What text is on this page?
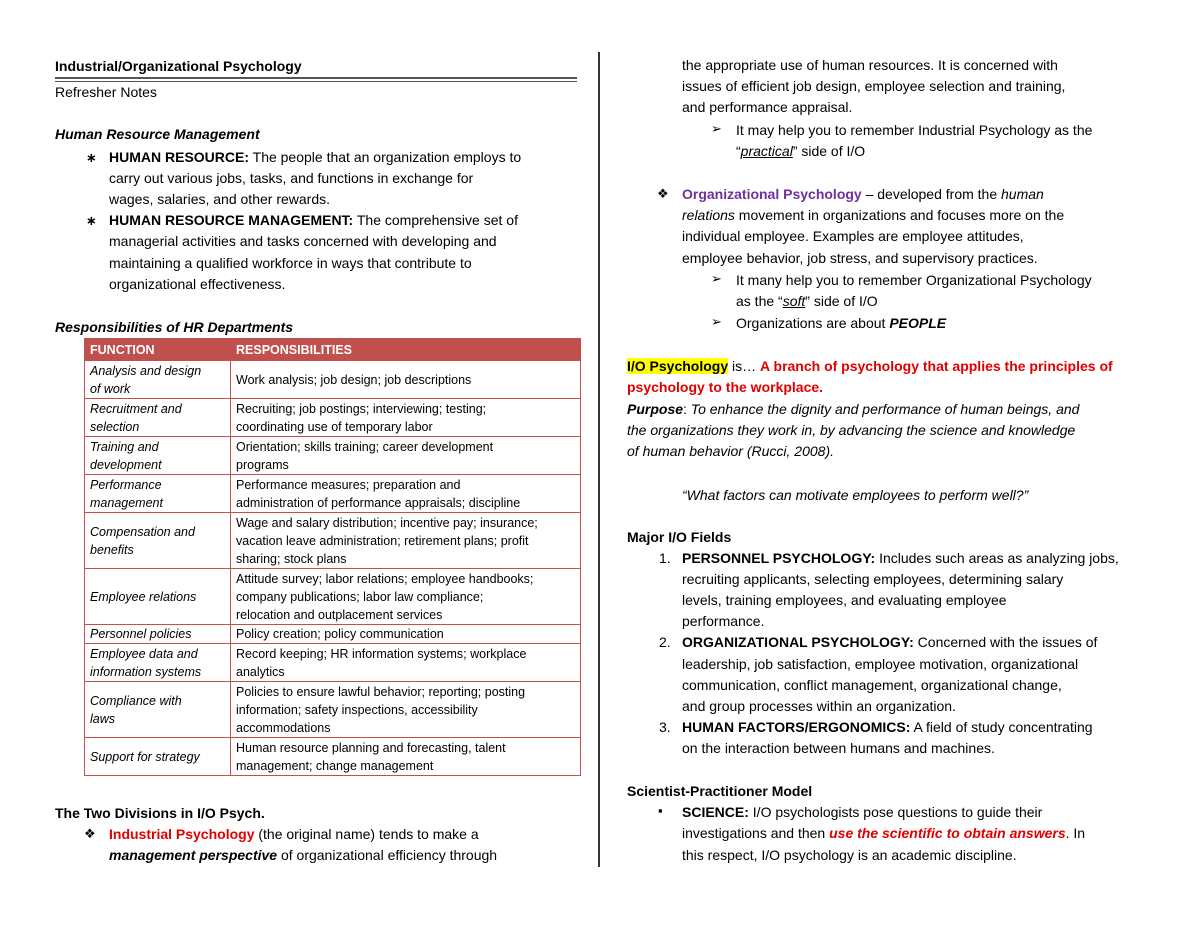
Industrial/Organizational Psychology
Refresher Notes
Human Resource Management
∗ HUMAN RESOURCE: The people that an organization employs to
carry out various jobs, tasks, and functions in exchange for
wages, salaries, and other rewards.
∗ HUMAN RESOURCE MANAGEMENT: The comprehensive set of
managerial activities and tasks concerned with developing and
maintaining a qualified workforce in ways that contribute to
organizational effectiveness.
Responsibilities of HR Departments
FUNCTION	RESPONSIBILITIES
Analysis and design
of work	Work analysis; job design; job descriptions
Recruitment and
selection	Recruiting; job postings; interviewing; testing;
coordinating use of temporary labor
Training and
development	Orientation; skills training; career development
programs
Performance
management	Performance measures; preparation and
administration of performance appraisals; discipline
Compensation and
benefits	Wage and salary distribution; incentive pay; insurance;
vacation leave administration; retirement plans; profit
sharing; stock plans
Employee relations	Attitude survey; labor relations; employee handbooks;
company publications; labor law compliance;
relocation and outplacement services
Personnel policies	Policy creation; policy communication
Employee data and
information systems	Record keeping; HR information systems; workplace
analytics
Compliance with
laws	Policies to ensure lawful behavior; reporting; posting
information; safety inspections, accessibility
accommodations
Support for strategy	Human resource planning and forecasting, talent
management; change management
The Two Divisions in I/O Psych.
❖ Industrial Psychology (the original name) tends to make a
management perspective of organizational efficiency through
the appropriate use of human resources. It is concerned with
issues of efficient job design, employee selection and training,
and performance appraisal.
➢ It may help you to remember Industrial Psychology as the
“practical” side of I/O
❖ Organizational Psychology – developed from the human
relations movement in organizations and focuses more on the
individual employee. Examples are employee attitudes,
employee behavior, job stress, and supervisory practices.
➢ It many help you to remember Organizational Psychology
as the “soft” side of I/O
➢ Organizations are about PEOPLE
I/O Psychology is… A branch of psychology that applies the principles of
psychology to the workplace.
Purpose: To enhance the dignity and performance of human beings, and
the organizations they work in, by advancing the science and knowledge
of human behavior (Rucci, 2008).
“What factors can motivate employees to perform well?”
Major I/O Fields
1. PERSONNEL PSYCHOLOGY: Includes such areas as analyzing jobs,
recruiting applicants, selecting employees, determining salary
levels, training employees, and evaluating employee
performance.
2. ORGANIZATIONAL PSYCHOLOGY: Concerned with the issues of
leadership, job satisfaction, employee motivation, organizational
communication, conflict management, organizational change,
and group processes within an organization.
3. HUMAN FACTORS/ERGONOMICS: A field of study concentrating
on the interaction between humans and machines.
Scientist-Practitioner Model
▪ SCIENCE: I/O psychologists pose questions to guide their
investigations and then use the scientific to obtain answers. In
this respect, I/O psychology is an academic discipline.
